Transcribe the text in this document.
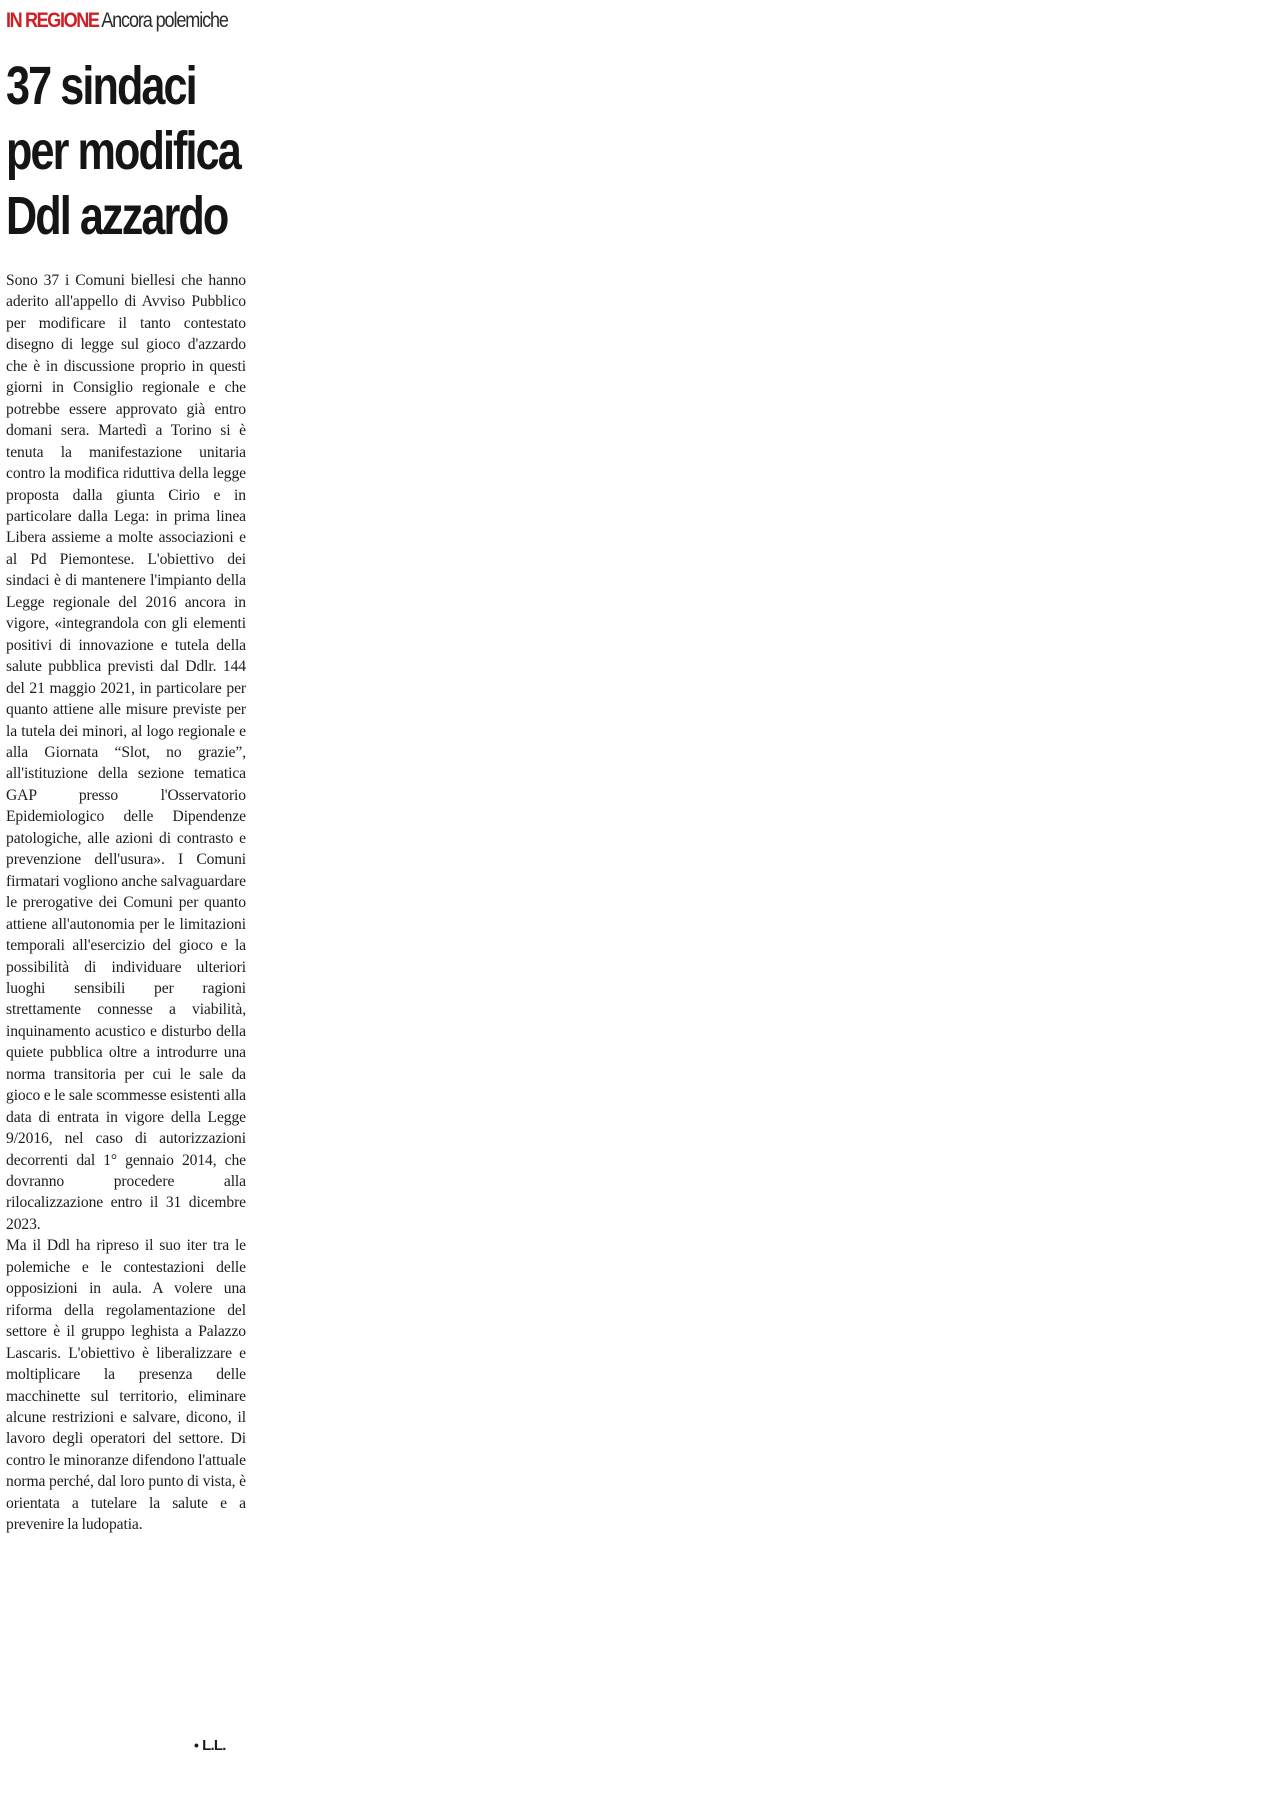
IN REGIONE Ancora polemiche
37 sindaci
per modifica
Ddl azzardo

Sono 37 i Comuni biellesi che hanno aderito all'appello di Avviso Pubblico per modificare il tanto contestato disegno di legge sul gioco d'azzardo che è in discussione proprio in questi giorni in Consiglio regionale e che potrebbe essere approvato già entro domani sera. Martedì a Torino si è tenuta la manifestazione unitaria contro la modifica riduttiva della legge proposta dalla giunta Cirio e in particolare dalla Lega: in prima linea Libera assieme a molte associazioni e al Pd Piemontese. L'obiettivo dei sindaci è di mantenere l'impianto della Legge regionale del 2016 ancora in vigore, «integrandola con gli elementi positivi di innovazione e tutela della salute pubblica previsti dal Ddlr. 144 del 21 maggio 2021, in particolare per quanto attiene alle misure previste per la tutela dei minori, al logo regionale e alla Giornata “Slot, no grazie”, all'istituzione della sezione tematica GAP presso l'Osservatorio Epidemiologico delle Dipendenze patologiche, alle azioni di contrasto e prevenzione dell'usura». I Comuni firmatari vogliono anche salvaguardare le prerogative dei Comuni per quanto attiene all'autonomia per le limitazioni temporali all'esercizio del gioco e la possibilità di individuare ulteriori luoghi sensibili per ragioni strettamente connesse a viabilità, inquinamento acustico e disturbo della quiete pubblica oltre a introdurre una norma transitoria per cui le sale da gioco e le sale scommesse esistenti alla data di entrata in vigore della Legge 9/2016, nel caso di autorizzazioni decorrenti dal 1° gennaio 2014, che dovranno procedere alla rilocalizzazione entro il 31 dicembre 2023.

Ma il Ddl ha ripreso il suo iter tra le polemiche e le contestazioni delle opposizioni in aula. A volere una riforma della regolamentazione del settore è il gruppo leghista a Palazzo Lascaris. L'obiettivo è liberalizzare e moltiplicare la presenza delle macchinette sul territorio, eliminare alcune restrizioni e salvare, dicono, il lavoro degli operatori del settore. Di contro le minoranze difendono l'attuale norma perché, dal loro punto di vista, è orientata a tutelare la salute e a prevenire la ludopatia.

• L.L.
